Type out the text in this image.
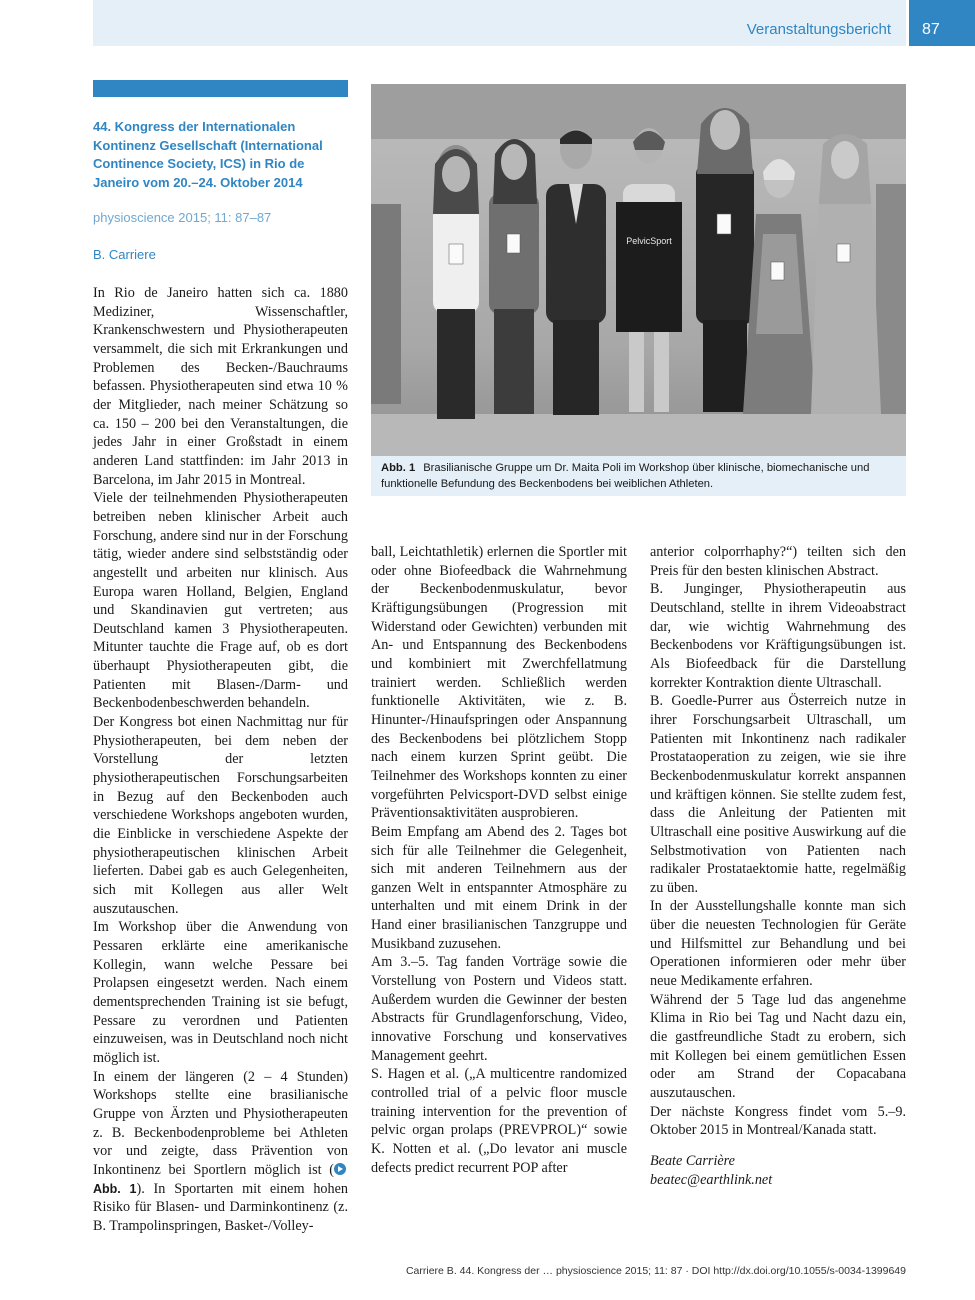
Veranstaltungsbericht 87
44. Kongress der Internationalen Kontinenz Gesellschaft (International Continence Society, ICS) in Rio de Janeiro vom 20.–24. Oktober 2014
physioscience 2015; 11: 87–87
B. Carriere

In Rio de Janeiro hatten sich ca. 1880 Mediziner, Wissenschaftler, Krankenschwestern und Physiotherapeuten versammelt, die sich mit Erkrankungen und Problemen des Becken-/Bauchraums befassen. Physiotherapeuten sind etwa 10 % der Mitglieder, nach meiner Schätzung so ca. 150 – 200 bei den Veranstaltungen, die jedes Jahr in einer Großstadt in einem anderen Land stattfinden: im Jahr 2013 in Barcelona, im Jahr 2015 in Montreal.

Viele der teilnehmenden Physiotherapeuten betreiben neben klinischer Arbeit auch Forschung, andere sind nur in der Forschung tätig, wieder andere sind selbstständig oder angestellt und arbeiten nur klinisch. Aus Europa waren Holland, Belgien, England und Skandinavien gut vertreten; aus Deutschland kamen 3 Physiotherapeuten. Mitunter tauchte die Frage auf, ob es dort überhaupt Physiotherapeuten gibt, die Patienten mit Blasen-/Darm- und Beckenbodenbeschwerden behandeln.

Der Kongress bot einen Nachmittag nur für Physiotherapeuten, bei dem neben der Vorstellung der letzten physiotherapeutischen Forschungsarbeiten in Bezug auf den Beckenboden auch verschiedene Workshops angeboten wurden, die Einblicke in verschiedene Aspekte der physiotherapeutischen klinischen Arbeit lieferten. Dabei gab es auch Gelegenheiten, sich mit Kollegen aus aller Welt auszutauschen.

Im Workshop über die Anwendung von Pessaren erklärte eine amerikanische Kollegin, wann welche Pessare bei Prolapsen eingesetzt werden. Nach einem dementsprechenden Training ist sie befugt, Pessare zu verordnen und Patienten einzuweisen, was in Deutschland noch nicht möglich ist.

In einem der längeren (2 – 4 Stunden) Workshops stellte eine brasilianische Gruppe von Ärzten und Physiotherapeuten z. B. Beckenbodenprobleme bei Athleten vor und zeigte, dass Prävention von Inkontinenz bei Sportlern möglich ist (Abb. 1). In Sportarten mit einem hohen Risiko für Blasen- und Darminkontinenz (z. B. Trampolinspringen, Basket-/Volley-

PelvicSport
Abb. 1 Brasilianische Gruppe um Dr. Maita Poli im Workshop über klinische, biomechanische und funktionelle Befundung des Beckenbodens bei weiblichen Athleten.

ball, Leichtathletik) erlernen die Sportler mit oder ohne Biofeedback die Wahrnehmung der Beckenbodenmuskulatur, bevor Kräftigungsübungen (Progression mit Widerstand oder Gewichten) verbunden mit An- und Entspannung des Beckenbodens und kombiniert mit Zwerchfellatmung trainiert werden. Schließlich werden funktionelle Aktivitäten, wie z. B. Hinunter-/Hinaufspringen oder Anspannung des Beckenbodens bei plötzlichem Stopp nach einem kurzen Sprint geübt. Die Teilnehmer des Workshops konnten zu einer vorgeführten Pelvicsport-DVD selbst einige Präventionsaktivitäten ausprobieren.

Beim Empfang am Abend des 2. Tages bot sich für alle Teilnehmer die Gelegenheit, sich mit anderen Teilnehmern aus der ganzen Welt in entspannter Atmosphäre zu unterhalten und mit einem Drink in der Hand einer brasilianischen Tanzgruppe und Musikband zuzusehen.

Am 3.–5. Tag fanden Vorträge sowie die Vorstellung von Postern und Videos statt. Außerdem wurden die Gewinner der besten Abstracts für Grundlagenforschung, Video, innovative Forschung und konservatives Management geehrt.

S. Hagen et al. („A multicentre randomized controlled trial of a pelvic floor muscle training intervention for the prevention of pelvic organ prolaps (PREVPROL)“ sowie K. Notten et al. („Do levator ani muscle defects predict recurrent POP after

anterior colporrhaphy?“) teilten sich den Preis für den besten klinischen Abstract.

B. Junginger, Physiotherapeutin aus Deutschland, stellte in ihrem Videoabstract dar, wie wichtig Wahrnehmung des Beckenbodens vor Kräftigungsübungen ist. Als Biofeedback für die Darstellung korrekter Kontraktion diente Ultraschall.

B. Goedle-Purrer aus Österreich nutze in ihrer Forschungsarbeit Ultraschall, um Patienten mit Inkontinenz nach radikaler Prostataoperation zu zeigen, wie sie ihre Beckenbodenmuskulatur korrekt anspannen und kräftigen können. Sie stellte zudem fest, dass die Anleitung der Patienten mit Ultraschall eine positive Auswirkung auf die Selbstmotivation von Patienten nach radikaler Prostataektomie hatte, regelmäßig zu üben.

In der Ausstellungshalle konnte man sich über die neuesten Technologien für Geräte und Hilfsmittel zur Behandlung und bei Operationen informieren oder mehr über neue Medikamente erfahren.

Während der 5 Tage lud das angenehme Klima in Rio bei Tag und Nacht dazu ein, die gastfreundliche Stadt zu erobern, sich mit Kollegen bei einem gemütlichen Essen oder am Strand der Copacabana auszutauschen.

Der nächste Kongress findet vom 5.–9. Oktober 2015 in Montreal/Kanada statt.

Beate Carrière
beatec@earthlink.net
Carriere B. 44. Kongress der … physioscience 2015; 11: 87 · DOI http://dx.doi.org/10.1055/s-0034-1399649
